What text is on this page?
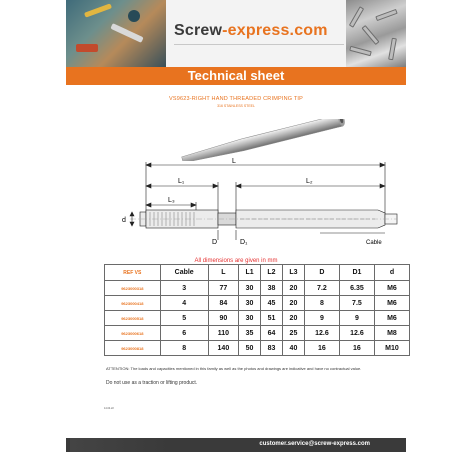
Screw-express.com
Technical sheet
VS9623-RIGHT HAND THREADED CRIMPING TIP
316 STAINLESS STEEL
L
L₁	L₂
L₃
d
D	D₁	Cable
All dimensions are given in mm
REF VS	Cable	L	L1	L2	L3	D	D1	d
9623000318	3	77	30	38	20	7.2	6.35	M6
9623000418	4	84	30	45	20	8	7.5	M6
9623000518	5	90	30	51	20	9	9	M6
9623000618	6	110	35	64	25	12.6	12.6	M8
9623000818	8	140	50	83	40	16	16	M10
ATTENTION: The loads and capacities mentioned in this family as well as the photos and drawings are indicative and have no contractual value.
Do not use as a traction or lifting product.
14.04.22
customer.service@screw-express.com
